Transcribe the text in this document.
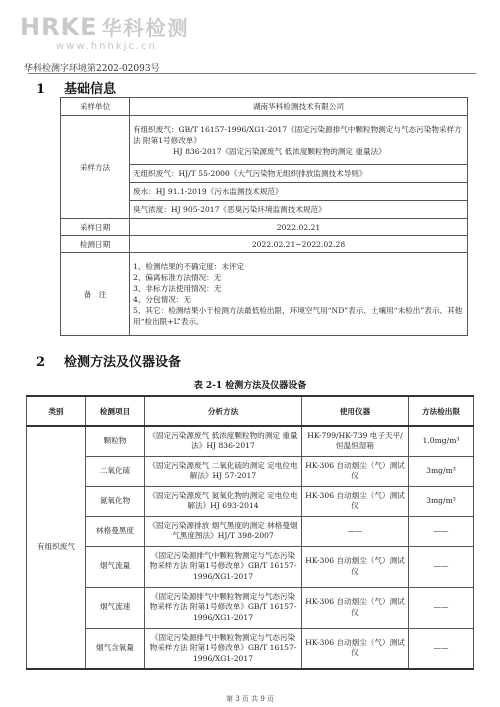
HRKE 华科检测
www.hnhkjc.cn
华科检测字环境第2202-02093号
1 基础信息
采样单位	湖南华科检测技术有限公司
采样方法	有组织废气：GB/T 16157-1996/XG1-2017《固定污染源排气中颗粒物测定与气态污染物采样方法 附第1号修改单》
HJ 836-2017《固定污染源废气 低浓度颗粒物的测定 重量法》

	无组织废气：HJ/T 55-2000《大气污染物无组织排放监测技术导则》
	废水：HJ 91.1-2019《污水监测技术规范》
	臭气浓度：HJ 905-2017《恶臭污染环境监测技术规范》
采样日期	2022.02.21
检测日期	2022.02.21~2022.02.28
备　注	1、检测结果的不确定度：未评定
2、偏离标准方法情况：无
3、非标方法使用情况：无
4、分包情况：无
5、其它：检测结果小于检测方法最低检出限，环境空气用“ND”表示、土壤用“未检出”表示、其他用“检出限+L”表示。
2 检测方法及仪器设备
表 2-1 检测方法及仪器设备
类别	检测项目	分析方法	使用仪器	方法检出限
有组织废气	颗粒物	《固定污染源废气 低浓度颗粒物的测定 重量法》HJ 836-2017	HK-799/HK-739 电子天平/恒温恒湿箱	1.0mg/m³
	二氧化硫	《固定污染源废气 二氧化硫的测定 定电位电解法》HJ 57-2017	HK-306 自动烟尘（气）测试仪	3mg/m³
	氮氧化物	《固定污染源废气 氮氧化物的测定 定电位电解法》HJ 693-2014	HK-306 自动烟尘（气）测试仪	3mg/m³
	林格曼黑度	《固定污染源排放 烟气黑度的测定 林格曼烟气黑度图法》HJ/T 398-2007	——	——
	烟气流量	《固定污染源排气中颗粒物测定与气态污染物采样方法 附第1号修改单》GB/T 16157-1996/XG1-2017	HK-306 自动烟尘（气）测试仪	——
	烟气流速	《固定污染源排气中颗粒物测定与气态污染物采样方法 附第1号修改单》GB/T 16157-1996/XG1-2017	HK-306 自动烟尘（气）测试仪	——
	烟气含氧量	《固定污染源排气中颗粒物测定与气态污染物采样方法 附第1号修改单》GB/T 16157-1996/XG1-2017	HK-306 自动烟尘（气）测试仪	——
第 3 页 共 9 页
